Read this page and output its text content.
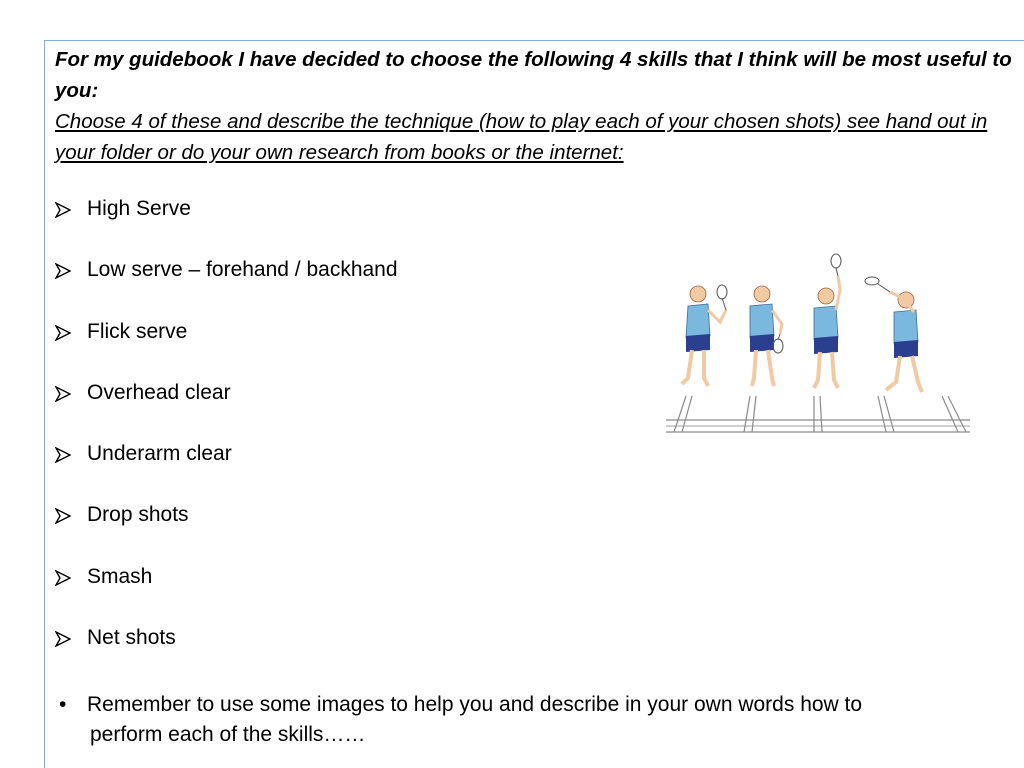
For my guidebook I have decided to choose the following 4 skills that I think will be most useful to you:

Choose 4 of these and describe the technique (how to play each of your chosen shots) see hand out in your folder or do your own research from books or the internet:

High Serve
Low serve – forehand / backhand
Flick serve
Overhead clear
Underarm clear
Drop shots
Smash
Net shots
• Remember to use some images to help you and describe in your own words how to
perform each of the skills……
